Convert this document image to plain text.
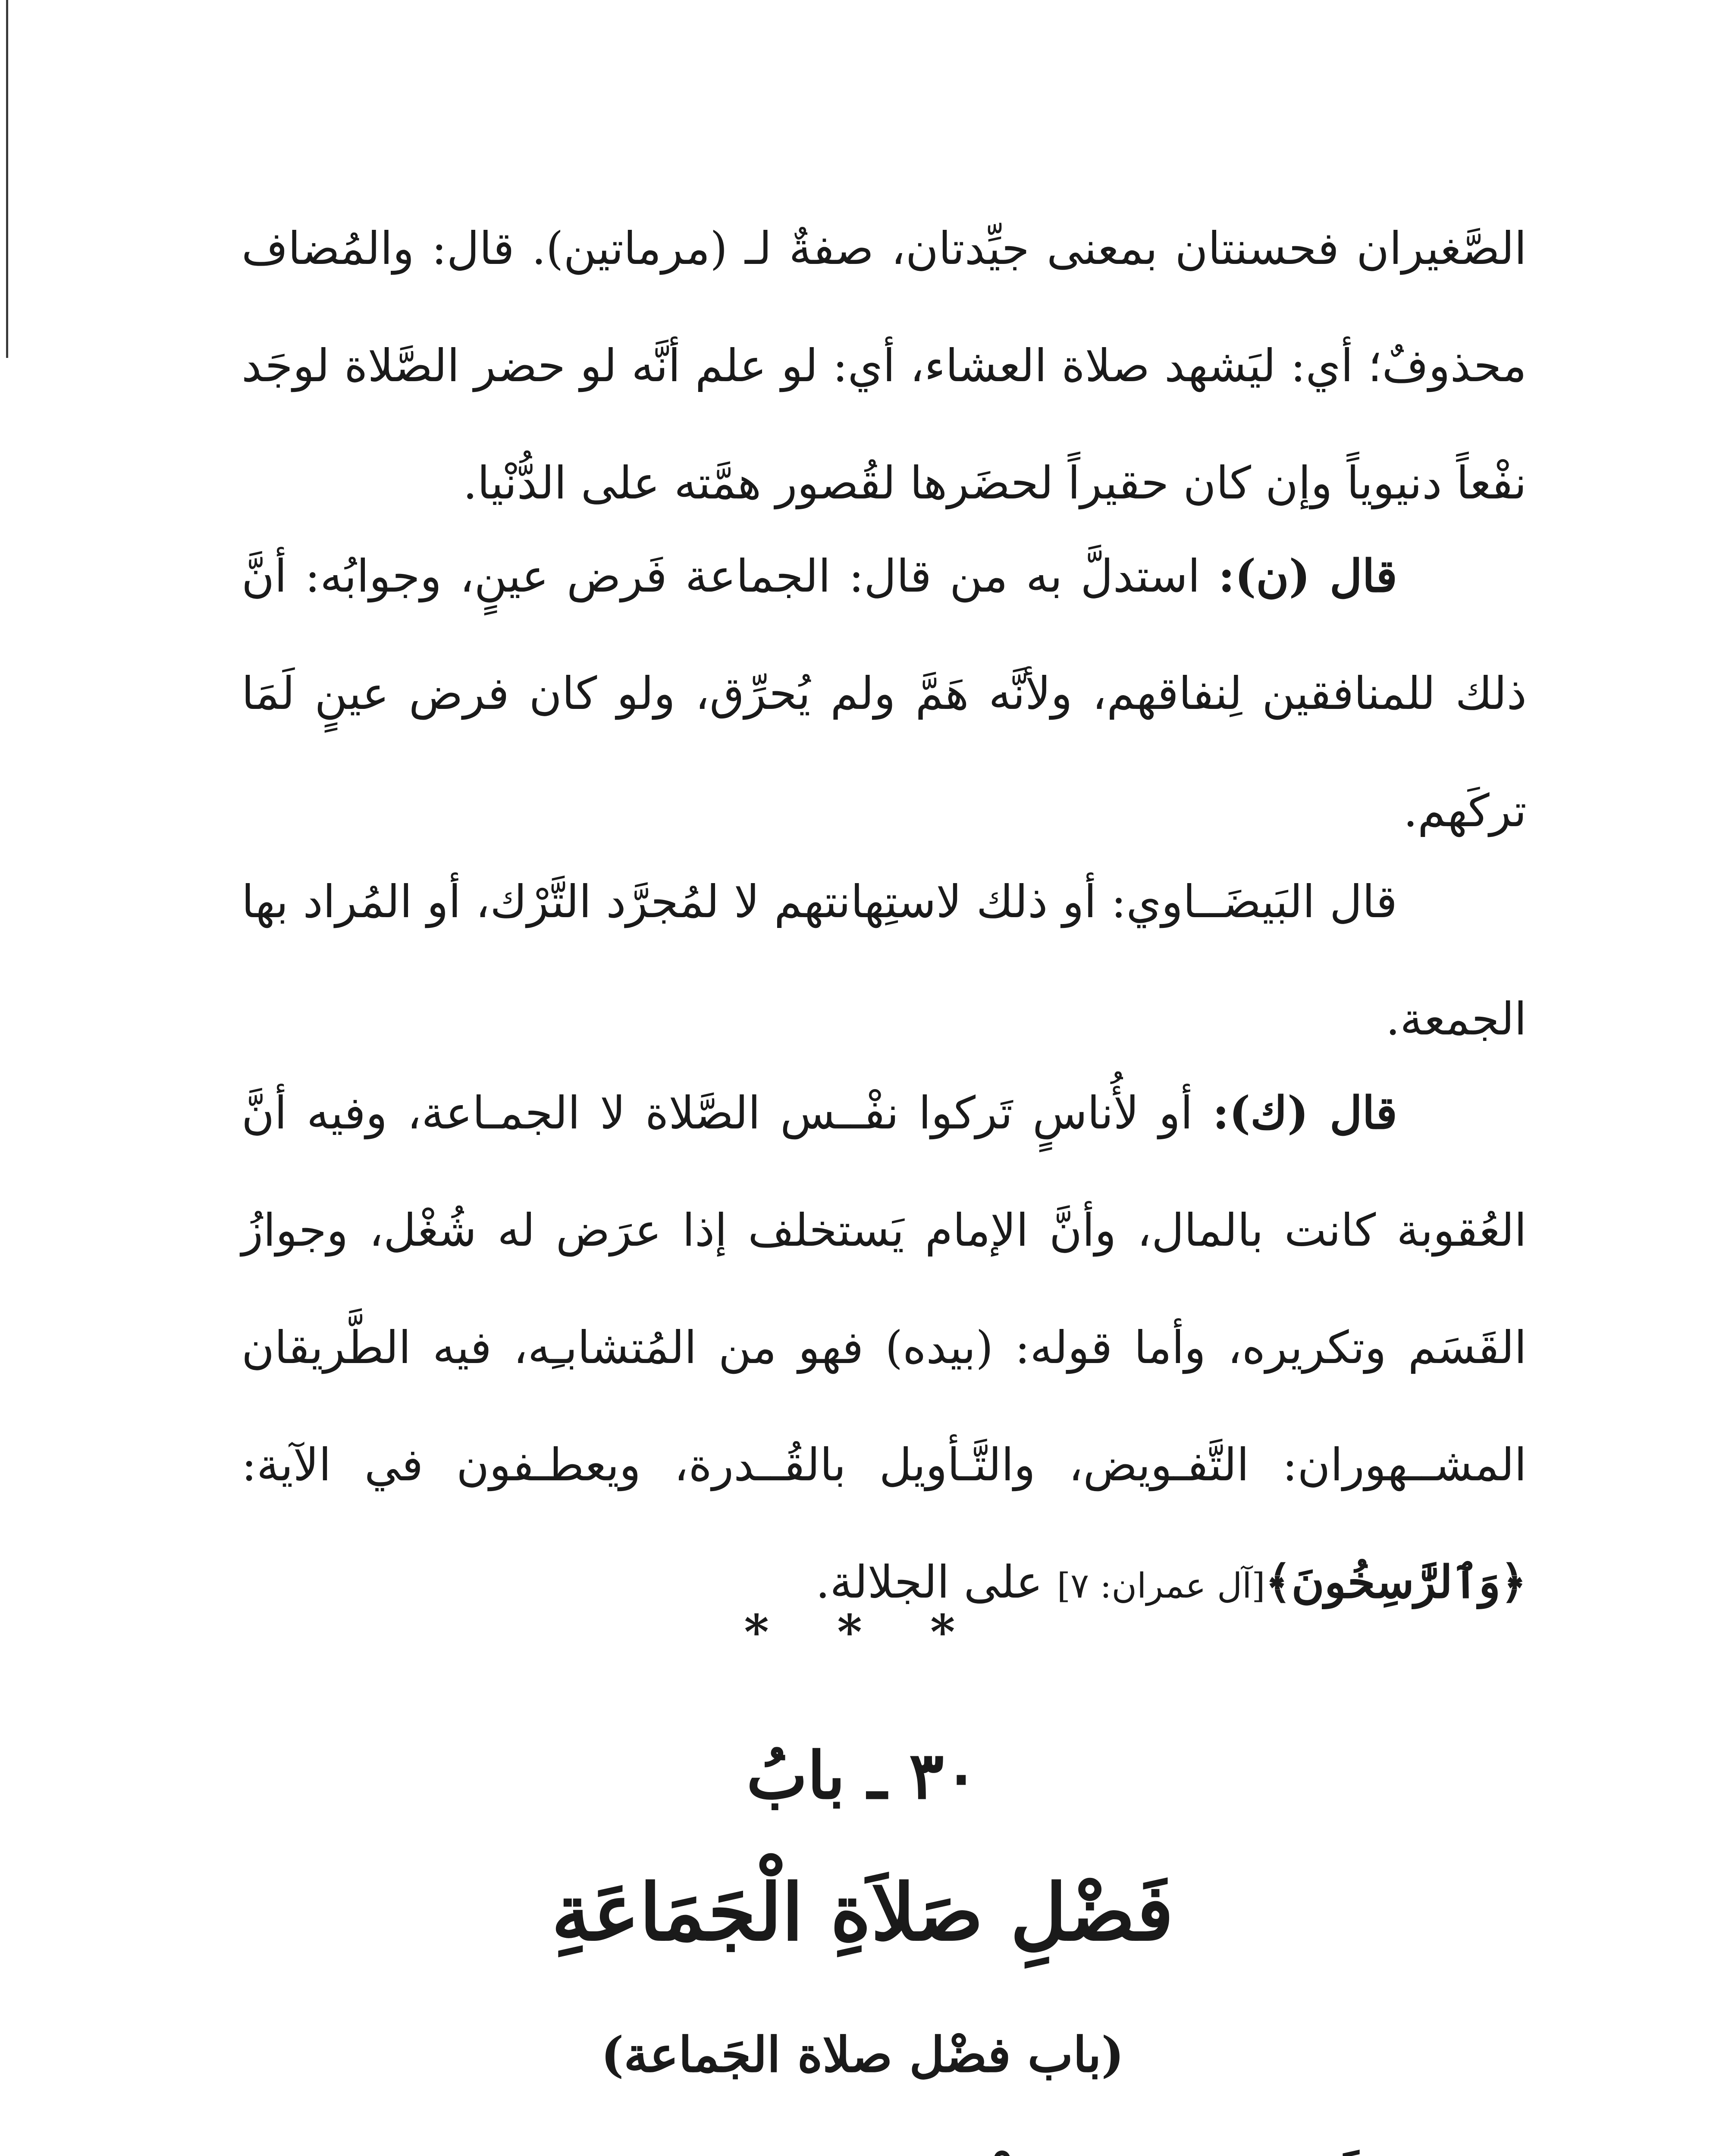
الصَّغيران فحسنتان بمعنى جيِّدتان، صفةٌ لـ (مرماتين). قال: والمُضاف محذوفٌ؛ أي: ليَشهد صلاة العشاء، أي: لو علم أنَّه لو حضر الصَّلاة لوجَد نفْعاً دنيوياً وإن كان حقيراً لحضَرها لقُصور همَّته على الدُّنْيا.

قال (ن): استدلَّ به من قال: الجماعة فَرض عينٍ، وجوابُه: أنَّ ذلك للمنافقين لِنفاقهم، ولأنَّه هَمَّ ولم يُحرِّق، ولو كان فرض عينٍ لَمَا تركَهم.

قال البَيضَــاوي: أو ذلك لاستِهانتهم لا لمُجرَّد التَّرْك، أو المُراد بها الجمعة.

قال (ك): أو لأُناسٍ تَركوا نفْــس الصَّلاة لا الجمـاعة، وفيه أنَّ العُقوبة كانت بالمال، وأنَّ الإمام يَستخلف إذا عرَض له شُغْل، وجوازُ القَسَم وتكريره، وأما قوله: (بيده) فهو من المُتشابـِه، فيه الطَّريقان المشــهوران: التَّفـويض، والتَّـأويل بالقُــدرة، ويعطـفون في الآية: ﴿وَٱلرَّٰسِخُونَ﴾[آل عمران: ٧] على الجلالة.

* * *
٣٠ ـ بابُ
فَضْلِ صَلاَةِ الْجَمَاعَةِ
(باب فضْل صلاة الجَماعة)
